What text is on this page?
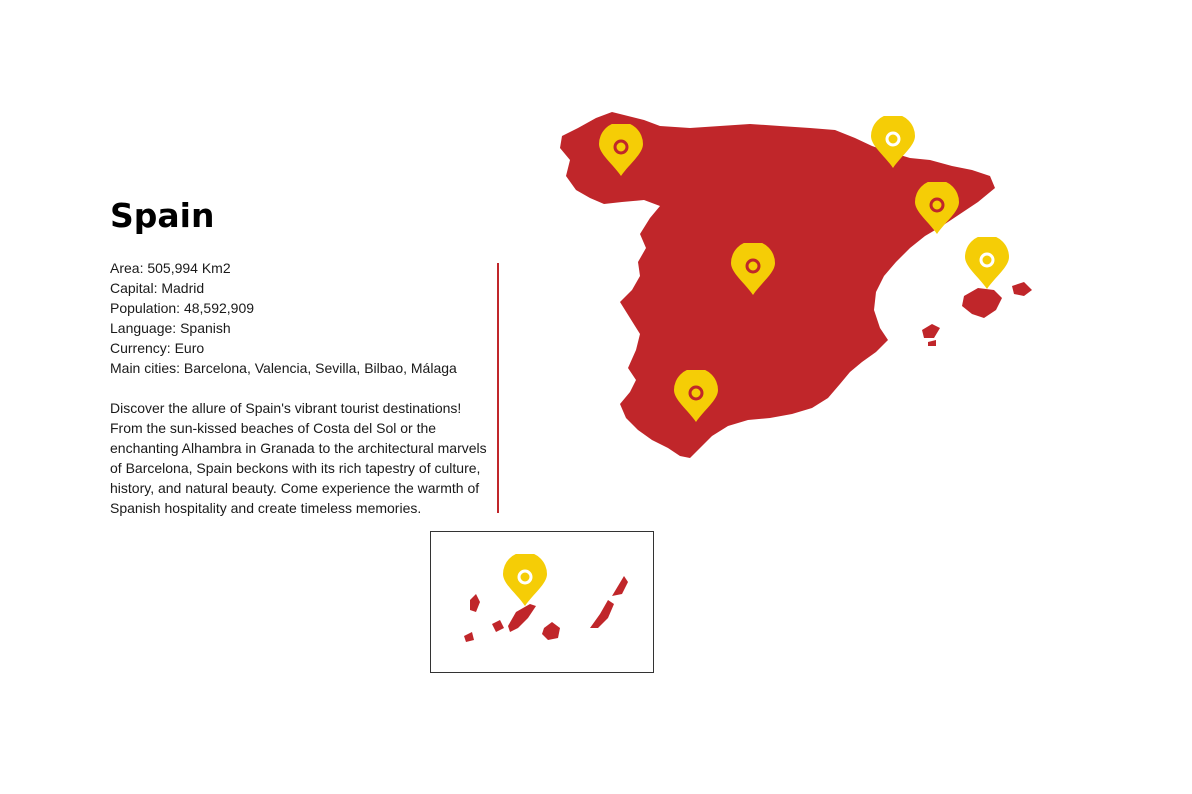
Spain
Area: 505,994 Km2
Capital: Madrid
Population: 48,592,909
Language: Spanish
Currency: Euro
Main cities: Barcelona, Valencia, Sevilla, Bilbao, Málaga

Discover the allure of Spain's vibrant tourist destinations! From the sun-kissed beaches of Costa del Sol or the enchanting Alhambra in Granada to the architectural marvels of Barcelona, Spain beckons with its rich tapestry of culture, history, and natural beauty. Come experience the warmth of Spanish hospitality and create timeless memories.
